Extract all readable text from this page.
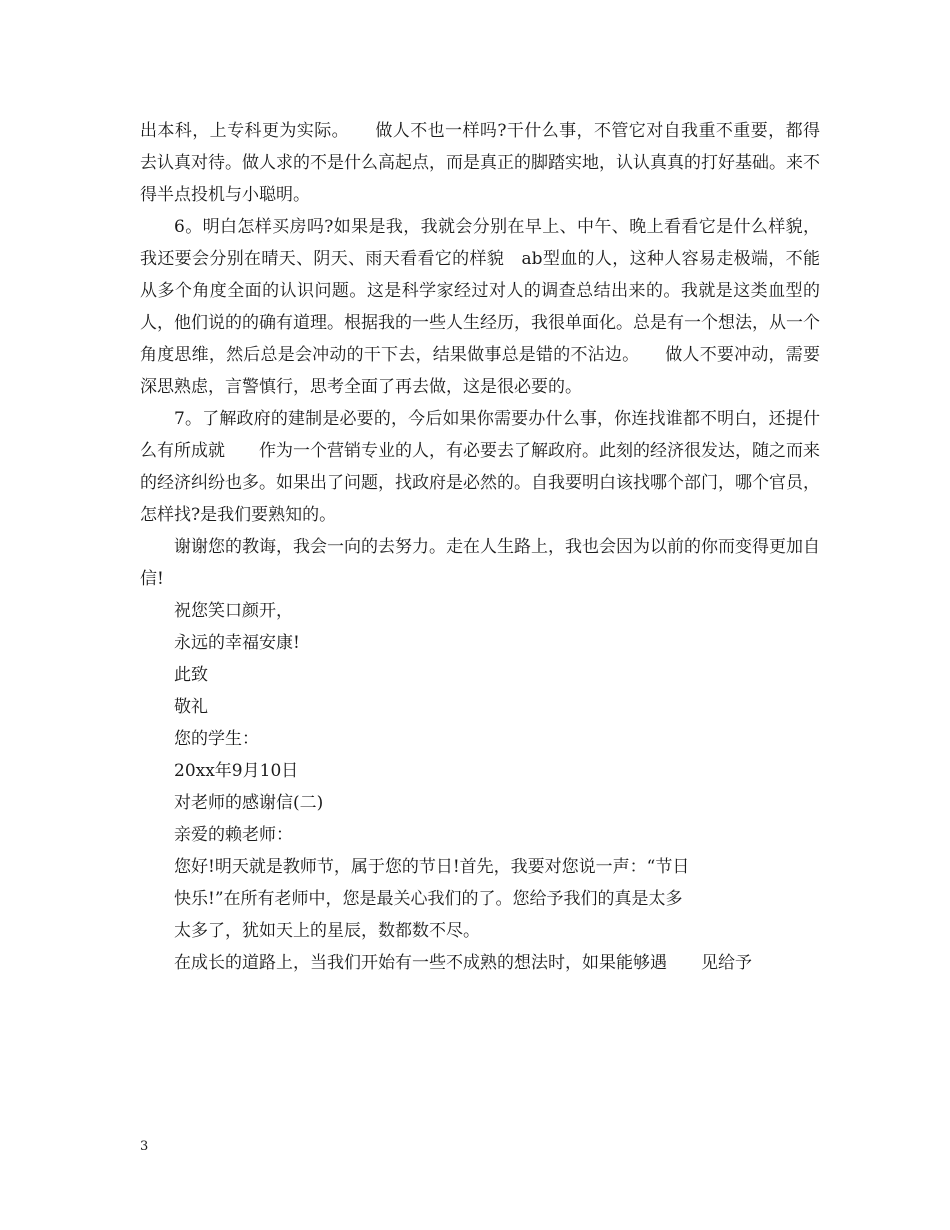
出本科，上专科更为实际。　　做人不也一样吗?干什么事，不管它对自我重不重要，都得去认真对待。做人求的不是什么高起点，而是真正的脚踏实地，认认真真的打好基础。来不得半点投机与小聪明。

6。明白怎样买房吗?如果是我，我就会分别在早上、中午、晚上看看它是什么样貌，我还要会分别在晴天、阴天、雨天看看它的样貌　ab型血的人，这种人容易走极端，不能从多个角度全面的认识问题。这是科学家经过对人的调查总结出来的。我就是这类血型的人，他们说的的确有道理。根据我的一些人生经历，我很单面化。总是有一个想法，从一个角度思维，然后总是会冲动的干下去，结果做事总是错的不沾边。　　做人不要冲动，需要深思熟虑，言警慎行，思考全面了再去做，这是很必要的。

7。了解政府的建制是必要的，今后如果你需要办什么事，你连找谁都不明白，还提什么有所成就　　作为一个营销专业的人，有必要去了解政府。此刻的经济很发达，随之而来的经济纠纷也多。如果出了问题，找政府是必然的。自我要明白该找哪个部门，哪个官员，怎样找?是我们要熟知的。

谢谢您的教诲，我会一向的去努力。走在人生路上，我也会因为以前的你而变得更加自信!

祝您笑口颜开，

永远的幸福安康!

此致

敬礼

您的学生：

20xx年9月10日

对老师的感谢信(二)

亲爱的赖老师：

您好!明天就是教师节，属于您的节日!首先，我要对您说一声：“节日

快乐!”在所有老师中，您是最关心我们的了。您给予我们的真是太多

太多了，犹如天上的星辰，数都数不尽。

在成长的道路上，当我们开始有一些不成熟的想法时，如果能够遇　　见给予

3
